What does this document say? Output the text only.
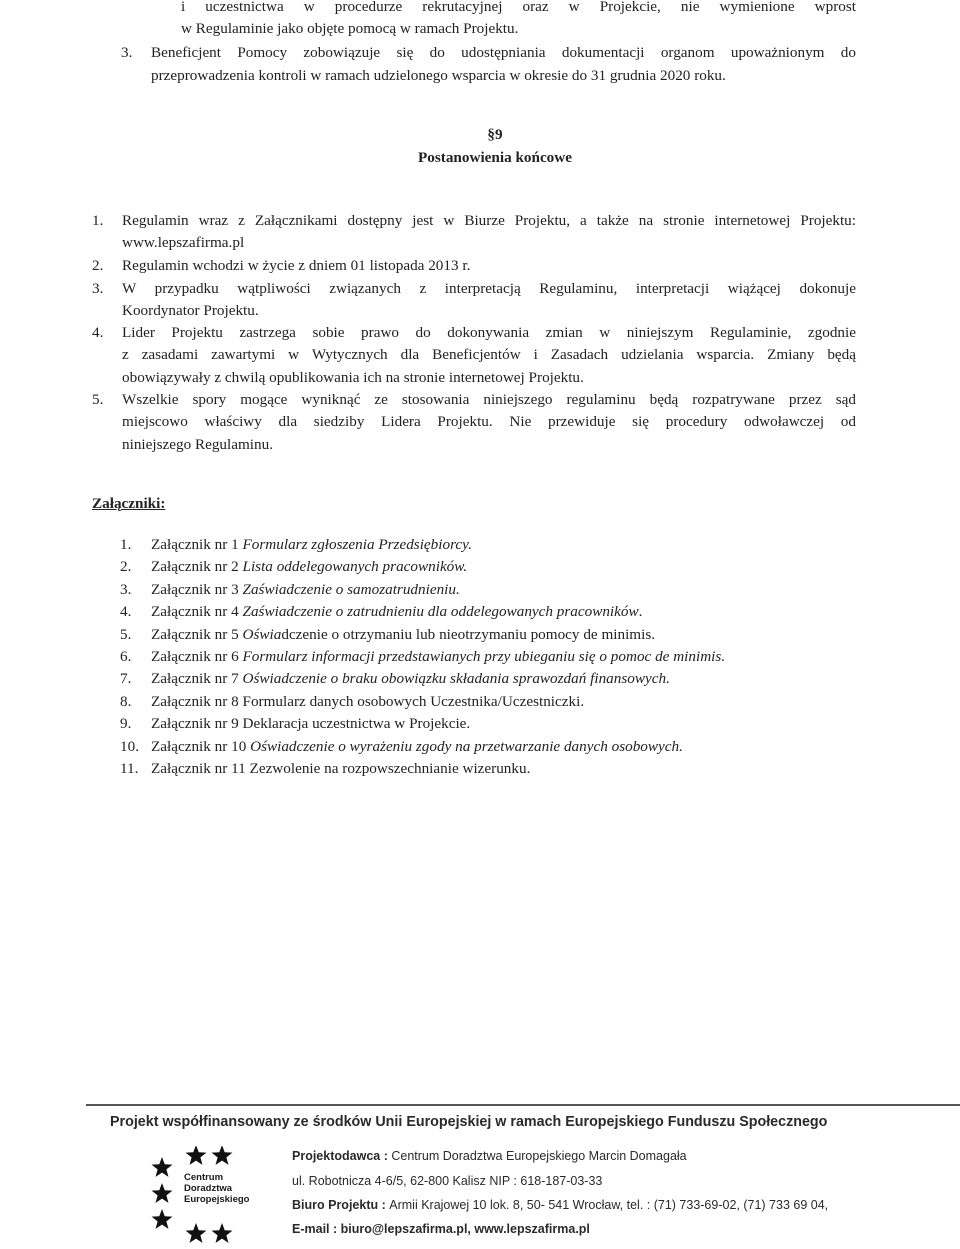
i uczestnictwa w procedurze rekrutacyjnej oraz w Projekcie, nie wymienione wprost
w Regulaminie jako objęte pomocą w ramach Projektu.
3. Beneficjent Pomocy zobowiązuje się do udostępniania dokumentacji organom upoważnionym do
przeprowadzenia kontroli w ramach udzielonego wsparcia w okresie do 31 grudnia 2020 roku.
§9
Postanowienia końcowe
1. Regulamin wraz z Załącznikami dostępny jest w Biurze Projektu, a także na stronie internetowej Projektu:
www.lepszafirma.pl
2. Regulamin wchodzi w życie z dniem 01 listopada 2013 r.
3. W przypadku wątpliwości związanych z interpretacją Regulaminu, interpretacji wiążącej dokonuje
Koordynator Projektu.
4. Lider Projektu zastrzega sobie prawo do dokonywania zmian w niniejszym Regulaminie, zgodnie
z zasadami zawartymi w Wytycznych dla Beneficjentów i Zasadach udzielania wsparcia. Zmiany będą
obowiązywały z chwilą opublikowania ich na stronie internetowej Projektu.
5. Wszelkie spory mogące wyniknąć ze stosowania niniejszego regulaminu będą rozpatrywane przez sąd
miejscowo właściwy dla siedziby Lidera Projektu. Nie przewiduje się procedury odwoławczej od
niniejszego Regulaminu.
Załączniki:
1. Załącznik nr 1 Formularz zgłoszenia Przedsiębiorcy.
2. Załącznik nr 2 Lista oddelegowanych pracowników.
3. Załącznik nr 3 Zaświadczenie o samozatrudnieniu.
4. Załącznik nr 4 Zaświadczenie o zatrudnieniu dla oddelegowanych pracowników.
5. Załącznik nr 5 Oświadczenie o otrzymaniu lub nieotrzymaniu pomocy de minimis.
6. Załącznik nr 6 Formularz informacji przedstawianych przy ubieganiu się o pomoc de minimis.
7. Załącznik nr 7 Oświadczenie o braku obowiązku składania sprawozdań finansowych.
8. Załącznik nr 8 Formularz danych osobowych Uczestnika/Uczestniczki.
9. Załącznik nr 9 Deklaracja uczestnictwa w Projekcie.
10. Załącznik nr 10 Oświadczenie o wyrażeniu zgody na przetwarzanie danych osobowych.
11. Załącznik nr 11 Zezwolenie na rozpowszechnianie wizerunku.
Projekt współfinansowany ze środków Unii Europejskiej w ramach Europejskiego Funduszu Społecznego
Centrum
Doradztwa
Europejskiego
Projektodawca : Centrum Doradztwa Europejskiego Marcin Domagała
ul. Robotnicza 4-6/5, 62-800 Kalisz NIP : 618-187-03-33
Biuro Projektu : Armii Krajowej 10 lok. 8, 50- 541 Wrocław, tel. : (71) 733-69-02, (71) 733 69 04,
E-mail : biuro@lepszafirma.pl, www.lepszafirma.pl
